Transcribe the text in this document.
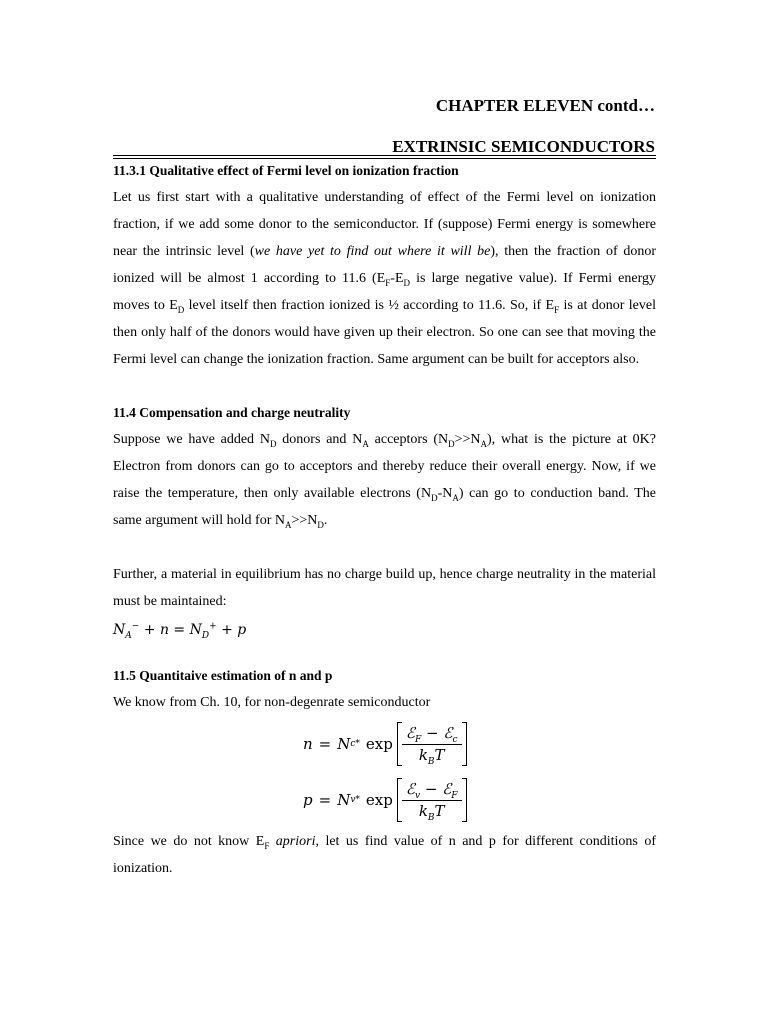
CHAPTER ELEVEN contd…

EXTRINSIC SEMICONDUCTORS

11.3.1 Qualitative effect of Fermi level on ionization fraction

Let us first start with a qualitative understanding of effect of the Fermi level on ionization fraction, if we add some donor to the semiconductor. If (suppose) Fermi energy is somewhere near the intrinsic level (we have yet to find out where it will be), then the fraction of donor ionized will be almost 1 according to 11.6 ($E_F-E_D$ is large negative value). If Fermi energy moves to $E_D$ level itself then fraction ionized is ½ according to 11.6. So, if $E_F$ is at donor level then only half of the donors would have given up their electron. So one can see that moving the Fermi level can change the ionization fraction. Same argument can be built for acceptors also.

11.4 Compensation and charge neutrality

Suppose we have added $N_D$ donors and $N_A$ acceptors $(N_D>>N_A)$, what is the picture at 0K? Electron from donors can go to acceptors and thereby reduce their overall energy. Now, if we raise the temperature, then only available electrons $(N_D-N_A)$ can go to conduction band. The same argument will hold for $N_A>>N_D$.

Further, a material in equilibrium has no charge build up, hence charge neutrality in the material must be maintained:

$N_A^- + n = N_D^+ + p$
11.5 Quantitaive estimation of n and p

We know from Ch. 10, for non-degenrate semiconductor

n = N c * $\exp \frac{ℰ_F - ℰ_c}{k_BT}$
p = N v * $\exp \frac{ℰ_v - ℰ_F}{k_BT}$

Since we do not know $E_F$ apriori, let us find value of n and p for different conditions of ionization.
